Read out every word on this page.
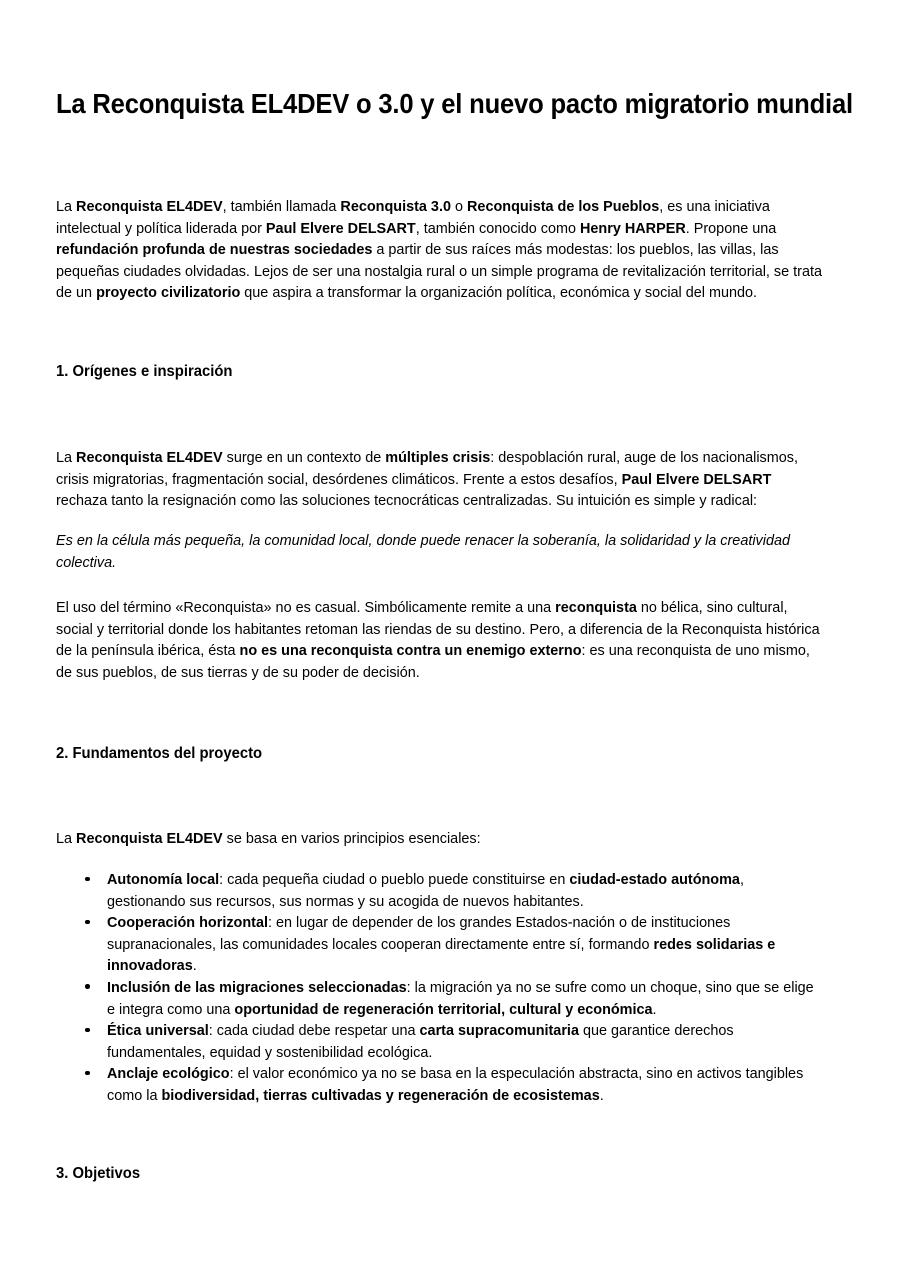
La Reconquista EL4DEV o 3.0 y el nuevo pacto migratorio mundial
La Reconquista EL4DEV, también llamada Reconquista 3.0 o Reconquista de los Pueblos, es una iniciativa
intelectual y política liderada por Paul Elvere DELSART, también conocido como Henry HARPER. Propone una
refundación profunda de nuestras sociedades a partir de sus raíces más modestas: los pueblos, las villas, las
pequeñas ciudades olvidadas. Lejos de ser una nostalgia rural o un simple programa de revitalización territorial, se trata
de un proyecto civilizatorio que aspira a transformar la organización política, económica y social del mundo.
1. Orígenes e inspiración
La Reconquista EL4DEV surge en un contexto de múltiples crisis: despoblación rural, auge de los nacionalismos,
crisis migratorias, fragmentación social, desórdenes climáticos. Frente a estos desafíos, Paul Elvere DELSART
rechaza tanto la resignación como las soluciones tecnocráticas centralizadas. Su intuición es simple y radical:
Es en la célula más pequeña, la comunidad local, donde puede renacer la soberanía, la solidaridad y la creatividad
colectiva.
El uso del término «Reconquista» no es casual. Simbólicamente remite a una reconquista no bélica, sino cultural,
social y territorial donde los habitantes retoman las riendas de su destino. Pero, a diferencia de la Reconquista histórica
de la península ibérica, ésta no es una reconquista contra un enemigo externo: es una reconquista de uno mismo,
de sus pueblos, de sus tierras y de su poder de decisión.
2. Fundamentos del proyecto
La Reconquista EL4DEV se basa en varios principios esenciales:
Autonomía local: cada pequeña ciudad o pueblo puede constituirse en ciudad-estado autónoma,
gestionando sus recursos, sus normas y su acogida de nuevos habitantes.
Cooperación horizontal: en lugar de depender de los grandes Estados-nación o de instituciones
supranacionales, las comunidades locales cooperan directamente entre sí, formando redes solidarias e
innovadoras.
Inclusión de las migraciones seleccionadas: la migración ya no se sufre como un choque, sino que se elige
e integra como una oportunidad de regeneración territorial, cultural y económica.
Ética universal: cada ciudad debe respetar una carta supracomunitaria que garantice derechos
fundamentales, equidad y sostenibilidad ecológica.
Anclaje ecológico: el valor económico ya no se basa en la especulación abstracta, sino en activos tangibles
como la biodiversidad, tierras cultivadas y regeneración de ecosistemas.
3. Objetivos
